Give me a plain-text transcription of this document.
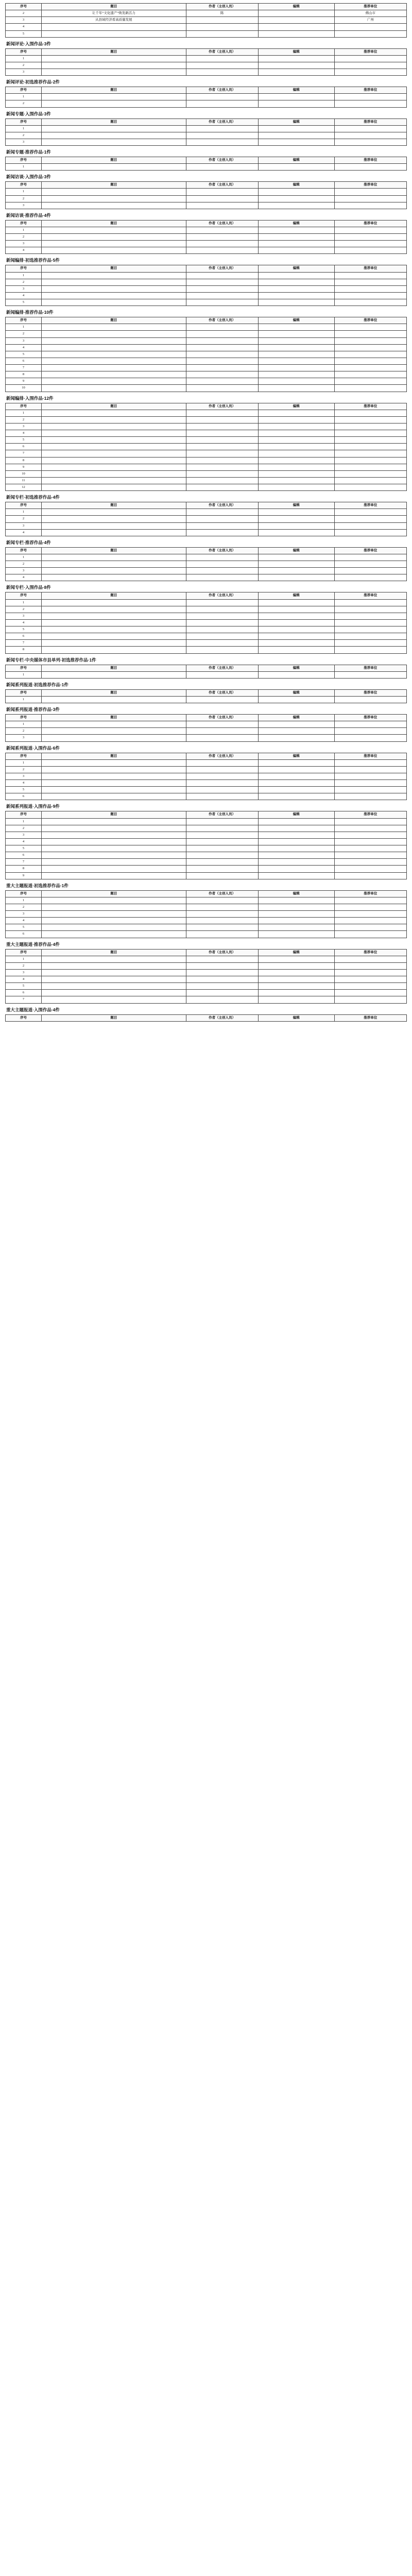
序号	题目	作者（主创人员）	编辑	推荐单位
2	让千年“文化遗产”焕发新活力	陈		佛山市
3	从县域经济看高质量发展			广州
4				
5				
新闻评论·入围作品·3件
序号	题目	作者（主创人员）	编辑	推荐单位
1				
2				
3				
新闻评论·初选推荐作品·2件
序号	题目	作者（主创人员）	编辑	推荐单位
1				
2				
新闻专题·入围作品·3件
序号	题目	作者（主创人员）	编辑	推荐单位
1				
2				
3				
新闻专题·推荐作品·1件
序号	题目	作者（主创人员）	编辑	推荐单位
1				
新闻访谈·入围作品·3件
序号	题目	作者（主创人员）	编辑	推荐单位
1				
2				
3				
新闻访谈·推荐作品·4件
序号	题目	作者（主创人员）	编辑	推荐单位
1				
2				
3				
4				
新闻编排·初选推荐作品·5件
序号	题目	作者（主创人员）	编辑	推荐单位
1				
2				
3				
4				
5				
新闻编排·推荐作品·10件
序号	题目	作者（主创人员）	编辑	推荐单位
1				
2				
3				
4				
5				
6				
7				
8				
9				
10				
新闻编排·入围作品·12件
序号	题目	作者（主创人员）	编辑	推荐单位
1				
2				
3				
4				
5				
6				
7				
8				
9				
10				
11				
12				
新闻专栏·初选推荐作品·4件
序号	题目	作者（主创人员）	编辑	推荐单位
1				
2				
3				
4				
新闻专栏·推荐作品·4件
序号	题目	作者（主创人员）	编辑	推荐单位
1				
2				
3				
4				
新闻专栏·入围作品·8件
序号	题目	作者（主创人员）	编辑	推荐单位
1				
2				
3				
4				
5				
6				
7				
8				
新闻专栏·中央媒体市县单列·初选推荐作品·1件
序号	题目	作者（主创人员）	编辑	推荐单位
1				
新闻系列报道·初选推荐作品·1件
序号	题目	作者（主创人员）	编辑	推荐单位
1				
新闻系列报道·推荐作品·3件
序号	题目	作者（主创人员）	编辑	推荐单位
1				
2				
3				
新闻系列报道·入围作品·6件
序号	题目	作者（主创人员）	编辑	推荐单位
1				
2				
3				
4				
5				
6				
新闻系列报道·入围作品·9件
序号	题目	作者（主创人员）	编辑	推荐单位
1				
2				
3				
4				
5				
6				
7				
8				
9				
重大主题报道·初选推荐作品·1件
序号	题目	作者（主创人员）	编辑	推荐单位
1				
2				
3				
4				
5				
6				
重大主题报道·推荐作品·4件
序号	题目	作者（主创人员）	编辑	推荐单位
1				
2				
3				
4				
5				
6				
7				
重大主题报道·入围作品·4件
序号	题目	作者（主创人员）	编辑	推荐单位
